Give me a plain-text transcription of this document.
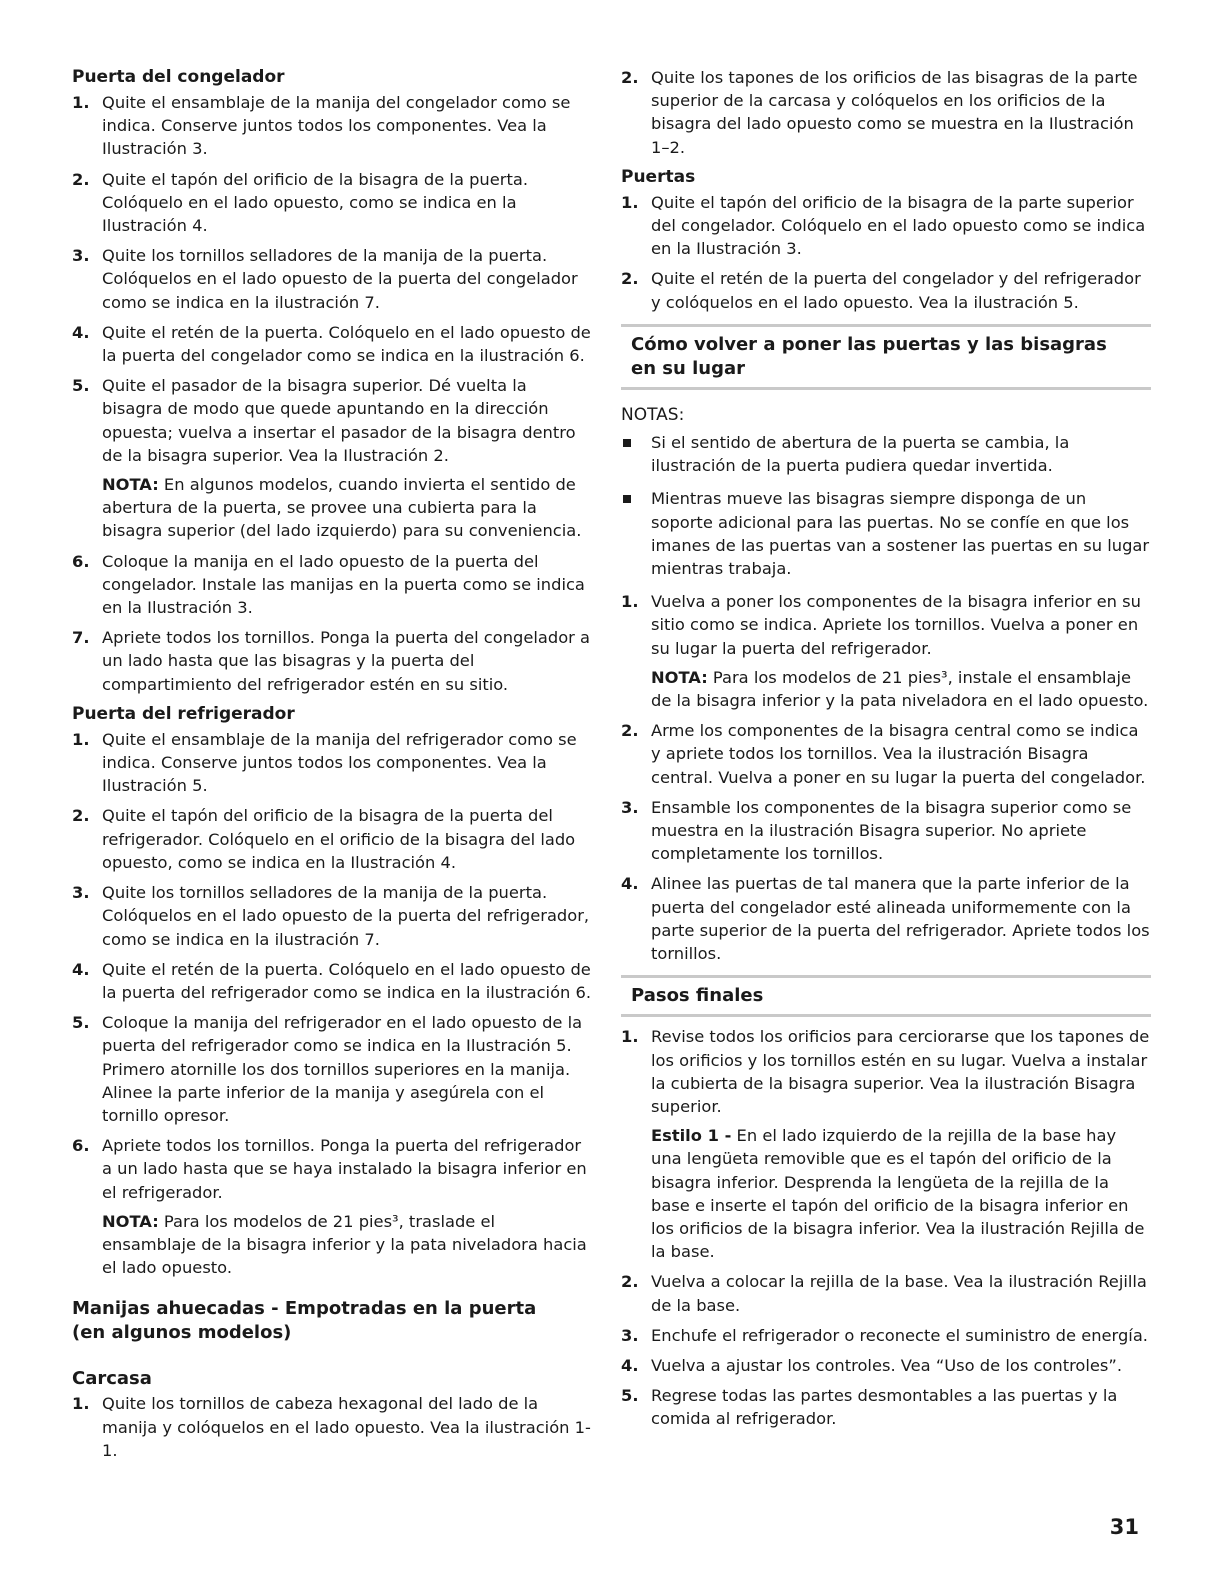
Puerta del congelador
1. Quite el ensamblaje de la manija del congelador como se indica. Conserve juntos todos los componentes. Vea la Ilustración 3.

2. Quite el tapón del orificio de la bisagra de la puerta. Colóquelo en el lado opuesto, como se indica en la Ilustración 4.

3. Quite los tornillos selladores de la manija de la puerta. Colóquelos en el lado opuesto de la puerta del congelador como se indica en la ilustración 7.

4. Quite el retén de la puerta. Colóquelo en el lado opuesto de la puerta del congelador como se indica en la ilustración 6.

5. Quite el pasador de la bisagra superior. Dé vuelta la bisagra de modo que quede apuntando en la dirección opuesta; vuelva a insertar el pasador de la bisagra dentro de la bisagra superior. Vea la Ilustración 2.

NOTA: En algunos modelos, cuando invierta el sentido de abertura de la puerta, se provee una cubierta para la bisagra superior (del lado izquierdo) para su conveniencia.

6. Coloque la manija en el lado opuesto de la puerta del congelador. Instale las manijas en la puerta como se indica en la Ilustración 3.

7. Apriete todos los tornillos. Ponga la puerta del congelador a un lado hasta que las bisagras y la puerta del compartimiento del refrigerador estén en su sitio.

Puerta del refrigerador
1. Quite el ensamblaje de la manija del refrigerador como se indica. Conserve juntos todos los componentes. Vea la Ilustración 5.

2. Quite el tapón del orificio de la bisagra de la puerta del refrigerador. Colóquelo en el orificio de la bisagra del lado opuesto, como se indica en la Ilustración 4.

3. Quite los tornillos selladores de la manija de la puerta. Colóquelos en el lado opuesto de la puerta del refrigerador, como se indica en la ilustración 7.

4. Quite el retén de la puerta. Colóquelo en el lado opuesto de la puerta del refrigerador como se indica en la ilustración 6.

5. Coloque la manija del refrigerador en el lado opuesto de la puerta del refrigerador como se indica en la Ilustración 5. Primero atornille los dos tornillos superiores en la manija. Alinee la parte inferior de la manija y asegúrela con el tornillo opresor.

6. Apriete todos los tornillos. Ponga la puerta del refrigerador a un lado hasta que se haya instalado la bisagra inferior en el refrigerador.

NOTA: Para los modelos de 21 pies³, traslade el ensamblaje de la bisagra inferior y la pata niveladora hacia el lado opuesto.

Manijas ahuecadas - Empotradas en la puerta
(en algunos modelos)
Carcasa
1. Quite los tornillos de cabeza hexagonal del lado de la manija y colóquelos en el lado opuesto. Vea la ilustración 1-1.

2. Quite los tapones de los orificios de las bisagras de la parte superior de la carcasa y colóquelos en los orificios de la bisagra del lado opuesto como se muestra en la Ilustración 1–2.

Puertas
1. Quite el tapón del orificio de la bisagra de la parte superior del congelador. Colóquelo en el lado opuesto como se indica en la Ilustración 3.

2. Quite el retén de la puerta del congelador y del refrigerador y colóquelos en el lado opuesto. Vea la ilustración 5.

Cómo volver a poner las puertas y las bisagras
en su lugar
NOTAS:
Si el sentido de abertura de la puerta se cambia, la ilustración de la puerta pudiera quedar invertida.
Mientras mueve las bisagras siempre disponga de un soporte adicional para las puertas. No se confíe en que los imanes de las puertas van a sostener las puertas en su lugar mientras trabaja.
1. Vuelva a poner los componentes de la bisagra inferior en su sitio como se indica. Apriete los tornillos. Vuelva a poner en su lugar la puerta del refrigerador.

NOTA: Para los modelos de 21 pies³, instale el ensamblaje de la bisagra inferior y la pata niveladora en el lado opuesto.

2. Arme los componentes de la bisagra central como se indica y apriete todos los tornillos. Vea la ilustración Bisagra central. Vuelva a poner en su lugar la puerta del congelador.

3. Ensamble los componentes de la bisagra superior como se muestra en la ilustración Bisagra superior. No apriete completamente los tornillos.

4. Alinee las puertas de tal manera que la parte inferior de la puerta del congelador esté alineada uniformemente con la parte superior de la puerta del refrigerador. Apriete todos los tornillos.

Pasos finales
1. Revise todos los orificios para cerciorarse que los tapones de los orificios y los tornillos estén en su lugar. Vuelva a instalar la cubierta de la bisagra superior. Vea la ilustración Bisagra superior.

Estilo 1 - En el lado izquierdo de la rejilla de la base hay una lengüeta removible que es el tapón del orificio de la bisagra inferior. Desprenda la lengüeta de la rejilla de la base e inserte el tapón del orificio de la bisagra inferior en los orificios de la bisagra inferior. Vea la ilustración Rejilla de la base.

2. Vuelva a colocar la rejilla de la base. Vea la ilustración Rejilla de la base.

3. Enchufe el refrigerador o reconecte el suministro de energía.

4. Vuelva a ajustar los controles. Vea “Uso de los controles”.

5. Regrese todas las partes desmontables a las puertas y la comida al refrigerador.

31
